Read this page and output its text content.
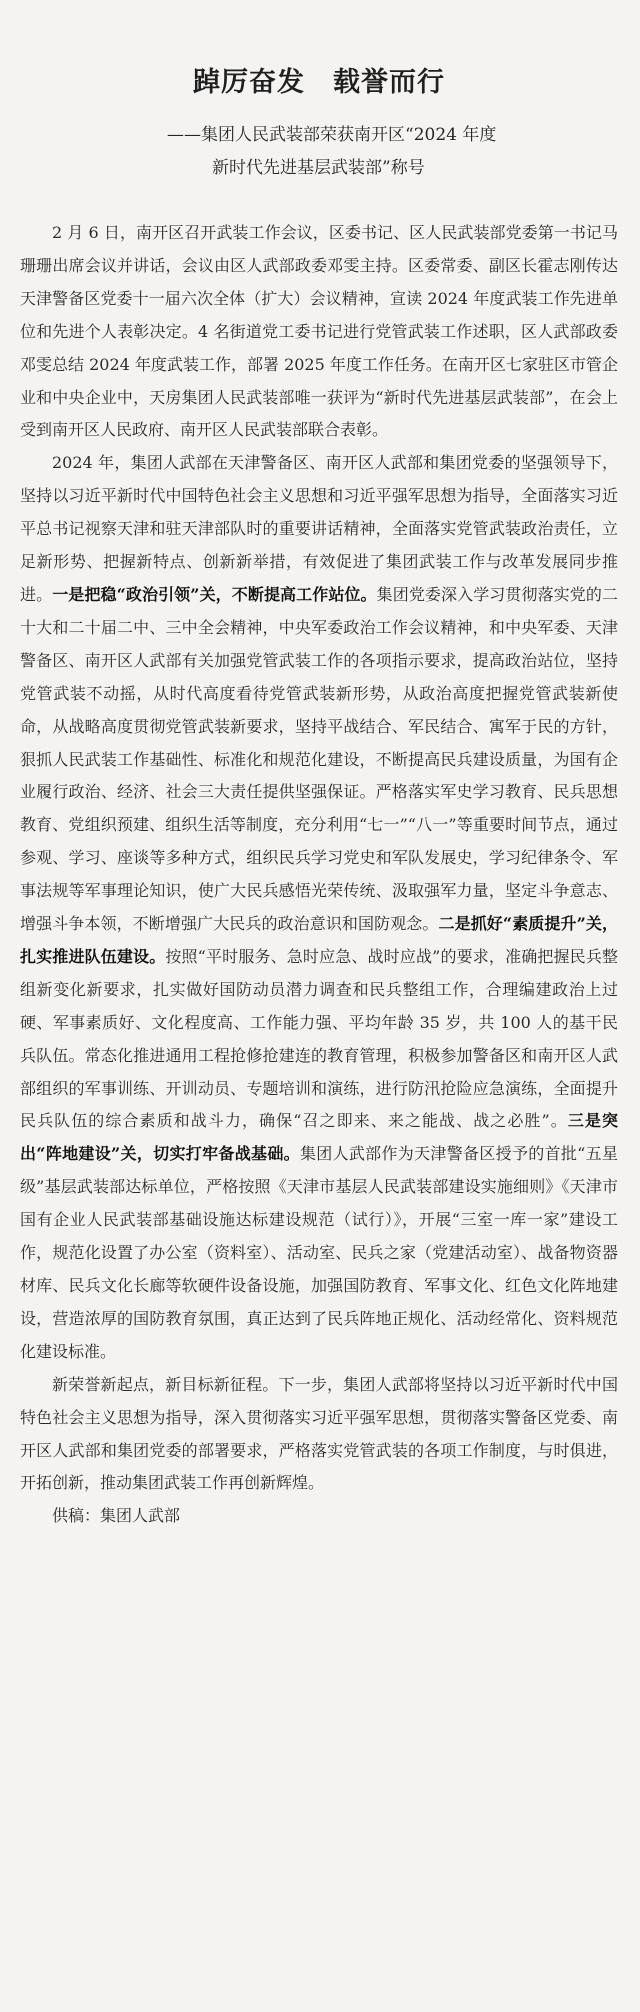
踔厉奋发　载誉而行
——集团人民武装部荣获南开区“2024 年度
新时代先进基层武装部”称号

2 月 6 日，南开区召开武装工作会议，区委书记、区人民武装部党委第一书记马珊珊出席会议并讲话，会议由区人武部政委邓雯主持。区委常委、副区长霍志刚传达天津警备区党委十一届六次全体（扩大）会议精神，宣读 2024 年度武装工作先进单位和先进个人表彰决定。4 名街道党工委书记进行党管武装工作述职，区人武部政委邓雯总结 2024 年度武装工作，部署 2025 年度工作任务。在南开区七家驻区市管企业和中央企业中，天房集团人民武装部唯一获评为“新时代先进基层武装部”，在会上受到南开区人民政府、南开区人民武装部联合表彰。

2024 年，集团人武部在天津警备区、南开区人武部和集团党委的坚强领导下，坚持以习近平新时代中国特色社会主义思想和习近平强军思想为指导，全面落实习近平总书记视察天津和驻天津部队时的重要讲话精神，全面落实党管武装政治责任，立足新形势、把握新特点、创新新举措，有效促进了集团武装工作与改革发展同步推进。一是把稳“政治引领”关，不断提高工作站位。集团党委深入学习贯彻落实党的二十大和二十届二中、三中全会精神，中央军委政治工作会议精神，和中央军委、天津警备区、南开区人武部有关加强党管武装工作的各项指示要求，提高政治站位，坚持党管武装不动摇，从时代高度看待党管武装新形势，从政治高度把握党管武装新使命，从战略高度贯彻党管武装新要求，坚持平战结合、军民结合、寓军于民的方针，狠抓人民武装工作基础性、标准化和规范化建设，不断提高民兵建设质量，为国有企业履行政治、经济、社会三大责任提供坚强保证。严格落实军史学习教育、民兵思想教育、党组织预建、组织生活等制度，充分利用“七一”“八一”等重要时间节点，通过参观、学习、座谈等多种方式，组织民兵学习党史和军队发展史，学习纪律条令、军事法规等军事理论知识，使广大民兵感悟光荣传统、汲取强军力量，坚定斗争意志、增强斗争本领，不断增强广大民兵的政治意识和国防观念。二是抓好“素质提升”关，扎实推进队伍建设。按照“平时服务、急时应急、战时应战”的要求，准确把握民兵整组新变化新要求，扎实做好国防动员潜力调查和民兵整组工作，合理编建政治上过硬、军事素质好、文化程度高、工作能力强、平均年龄 35 岁，共 100 人的基干民兵队伍。常态化推进通用工程抢修抢建连的教育管理，积极参加警备区和南开区人武部组织的军事训练、开训动员、专题培训和演练，进行防汛抢险应急演练，全面提升民兵队伍的综合素质和战斗力，确保“召之即来、来之能战、战之必胜”。三是突出“阵地建设”关，切实打牢备战基础。集团人武部作为天津警备区授予的首批“五星级”基层武装部达标单位，严格按照《天津市基层人民武装部建设实施细则》《天津市国有企业人民武装部基础设施达标建设规范（试行）》，开展“三室一库一家”建设工作，规范化设置了办公室（资料室）、活动室、民兵之家（党建活动室）、战备物资器材库、民兵文化长廊等软硬件设备设施，加强国防教育、军事文化、红色文化阵地建设，营造浓厚的国防教育氛围，真正达到了民兵阵地正规化、活动经常化、资料规范化建设标准。

新荣誉新起点，新目标新征程。下一步，集团人武部将坚持以习近平新时代中国特色社会主义思想为指导，深入贯彻落实习近平强军思想，贯彻落实警备区党委、南开区人武部和集团党委的部署要求，严格落实党管武装的各项工作制度，与时俱进，开拓创新，推动集团武装工作再创新辉煌。

供稿：集团人武部
